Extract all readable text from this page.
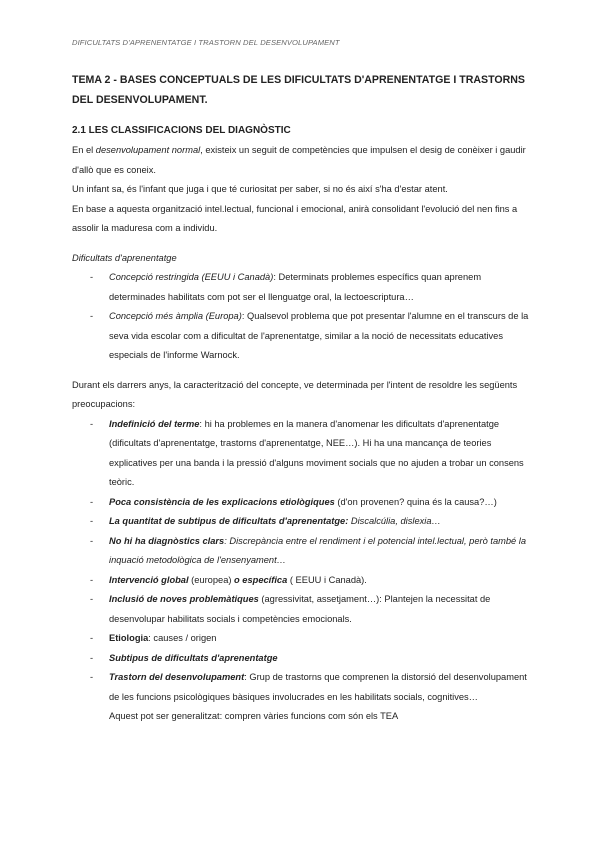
DIFICULTATS D'APRENENTATGE I TRASTORN DEL DESENVOLUPAMENT
TEMA 2 - BASES CONCEPTUALS DE LES DIFICULTATS D'APRENENTATGE I TRASTORNS DEL DESENVOLUPAMENT.
2.1 LES CLASSIFICACIONS DEL DIAGNÒSTIC

En el desenvolupament normal, existeix un seguit de competències que impulsen el desig de conèixer i gaudir d'allò que es coneix.

Un infant sa, és l'infant que juga i que té curiositat per saber, si no és així s'ha d'estar atent.

En base a aquesta organització intel.lectual, funcional i emocional, anirà consolidant l'evolució del nen fins a assolir la maduresa com a individu.

Dificultats d'aprenentatge

- Concepció restringida (EEUU i Canadà): Determinats problemes específics quan aprenem determinades habilitats com pot ser el llenguatge oral, la lectoescriptura…
- Concepció més àmplia (Europa): Qualsevol problema que pot presentar l'alumne en el transcurs de la seva vida escolar com a dificultat de l'aprenentatge, similar a la noció de necessitats educatives especials de l'informe Warnock.

Durant els darrers anys, la caracterització del concepte, ve determinada per l'intent de resoldre les següents preocupacions:

- Indefinició del terme: hi ha problemes en la manera d'anomenar les dificultats d'aprenentatge (dificultats d'aprenentatge, trastorns d'aprenentatge, NEE…). Hi ha una mancança de teories explicatives per una banda i la pressió d'alguns moviment socials que no ajuden a trobar un consens teòric.
- Poca consistència de les explicacions etiològiques (d'on provenen? quina és la causa?…)
- La quantitat de subtipus de dificultats d'aprenentatge: Discalcúlia, dislexia…
- No hi ha diagnòstics clars: Discrepància entre el rendiment i el potencial intel.lectual, però també la inquació metodològica de l'ensenyament…
- Intervenció global (europea) o específica ( EEUU i Canadà).
- Inclusió de noves problemàtiques (agressivitat, assetjament…): Plantejen la necessitat de desenvolupar habilitats socials i competències emocionals.
- Etiologia: causes / origen
- Subtipus de dificultats d'aprenentatge
- Trastorn del desenvolupament: Grup de trastorns que comprenen la distorsió del desenvolupament de les funcions psicològiques bàsiques involucrades en les habilitats socials, cognitives…

Aquest pot ser generalitzat: compren vàries funcions com són els TEA
